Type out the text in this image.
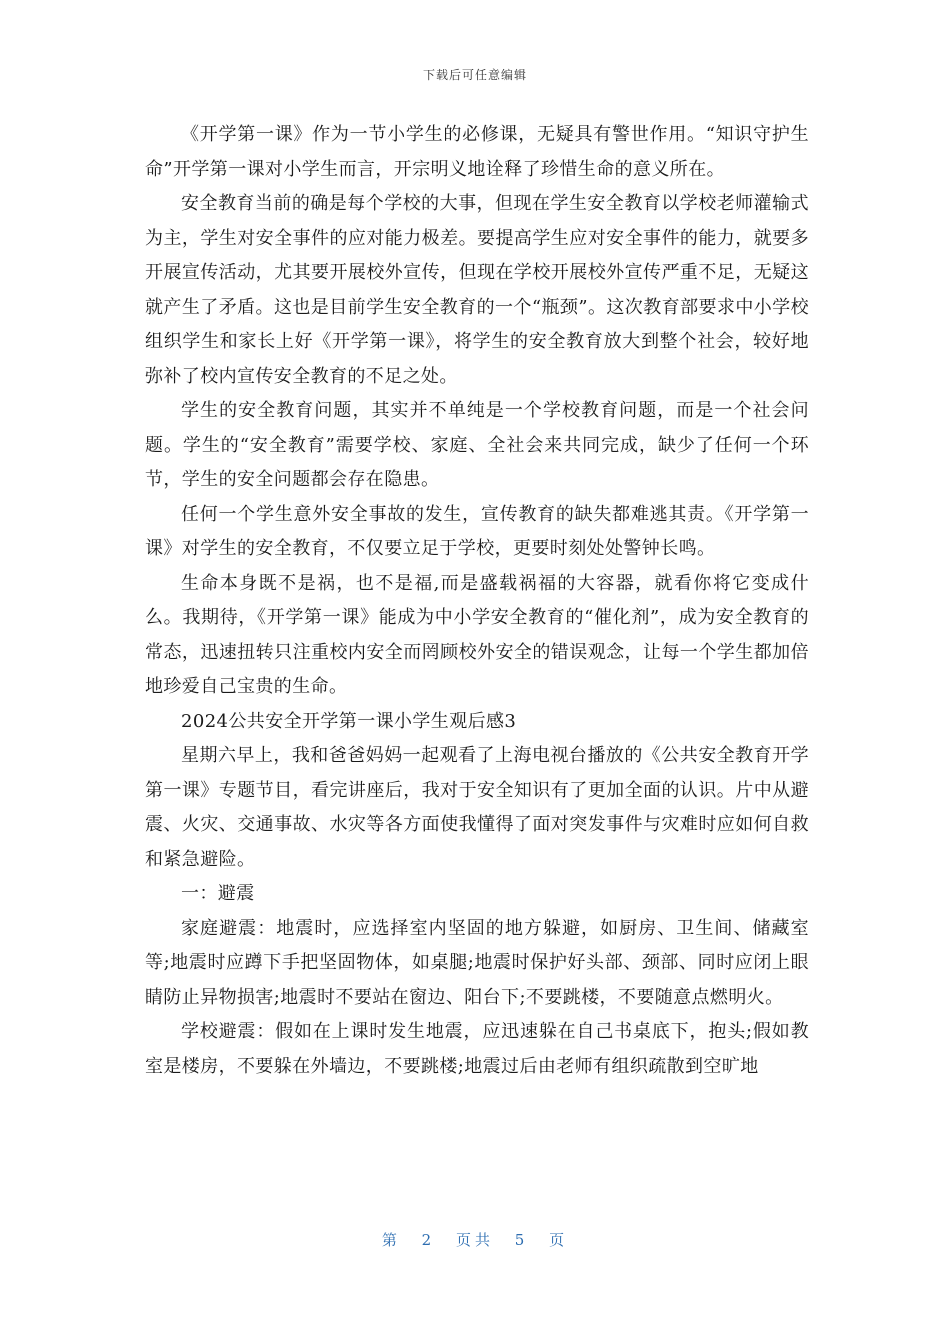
下载后可任意编辑

《开学第一课》作为一节小学生的必修课，无疑具有警世作用。“知识守护生命”开学第一课对小学生而言，开宗明义地诠释了珍惜生命的意义所在。

安全教育当前的确是每个学校的大事，但现在学生安全教育以学校老师灌输式为主，学生对安全事件的应对能力极差。要提高学生应对安全事件的能力，就要多开展宣传活动，尤其要开展校外宣传，但现在学校开展校外宣传严重不足，无疑这就产生了矛盾。这也是目前学生安全教育的一个“瓶颈”。这次教育部要求中小学校组织学生和家长上好《开学第一课》，将学生的安全教育放大到整个社会，较好地弥补了校内宣传安全教育的不足之处。

学生的安全教育问题，其实并不单纯是一个学校教育问题，而是一个社会问题。学生的“安全教育”需要学校、家庭、全社会来共同完成，缺少了任何一个环节，学生的安全问题都会存在隐患。

任何一个学生意外安全事故的发生，宣传教育的缺失都难逃其责。《开学第一课》对学生的安全教育，不仅要立足于学校，更要时刻处处警钟长鸣。

生命本身既不是祸，也不是福,而是盛载祸福的大容器，就看你将它变成什么。我期待，《开学第一课》能成为中小学安全教育的“催化剂”，成为安全教育的常态，迅速扭转只注重校内安全而罔顾校外安全的错误观念，让每一个学生都加倍地珍爱自己宝贵的生命。

2024公共安全开学第一课小学生观后感3

星期六早上，我和爸爸妈妈一起观看了上海电视台播放的《公共安全教育开学第一课》专题节目，看完讲座后，我对于安全知识有了更加全面的认识。片中从避震、火灾、交通事故、水灾等各方面使我懂得了面对突发事件与灾难时应如何自救和紧急避险。

一：避震

家庭避震：地震时，应选择室内坚固的地方躲避，如厨房、卫生间、储藏室等;地震时应蹲下手把坚固物体，如桌腿;地震时保护好头部、颈部、同时应闭上眼睛防止异物损害;地震时不要站在窗边、阳台下;不要跳楼，不要随意点燃明火。

学校避震：假如在上课时发生地震，应迅速躲在自己书桌底下，抱头;假如教室是楼房，不要躲在外墙边，不要跳楼;地震过后由老师有组织疏散到空旷地

第 2 页共 5 页
